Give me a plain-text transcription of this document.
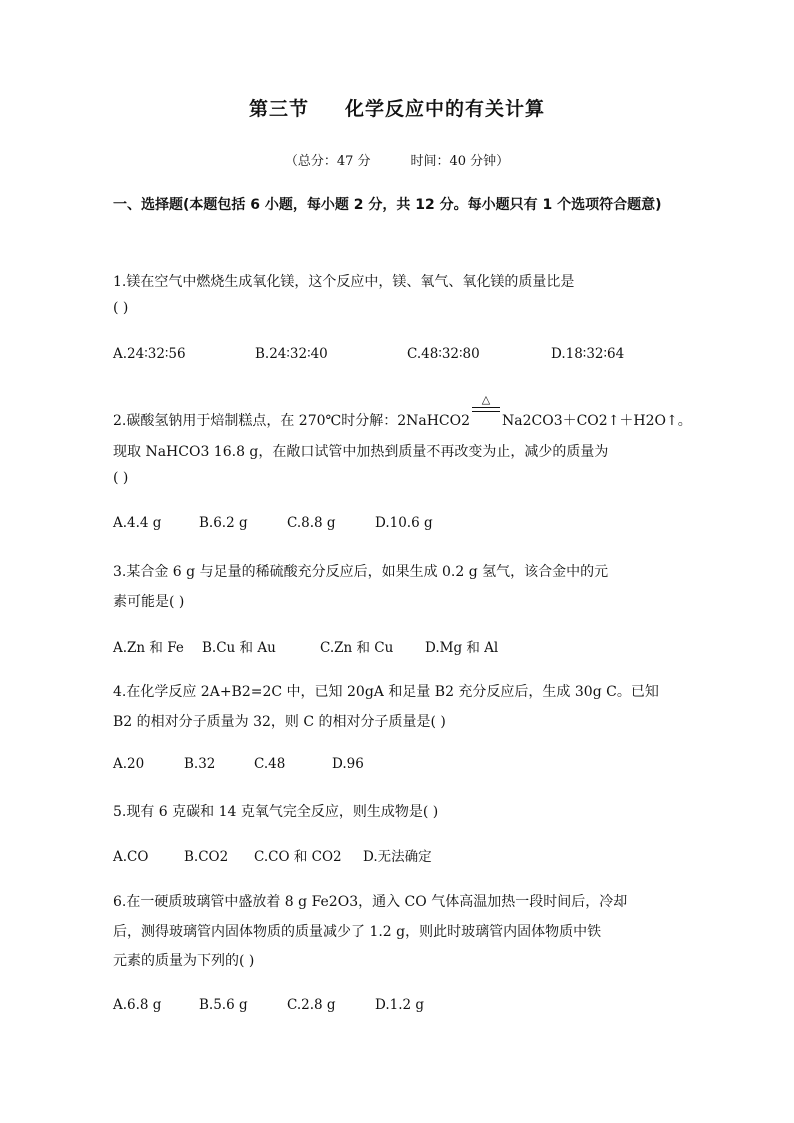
第三节 化学反应中的有关计算
（总分：47 分	时间：40 分钟）
一、选择题(本题包括 6 小题，每小题 2 分，共 12 分。每小题只有 1 个选项符合题意)
1.镁在空气中燃烧生成氧化镁，这个反应中，镁、氧气、氧化镁的质量比是
( )
A.24∶32∶56	B.24∶32∶40	C.48∶32∶80	D.18∶32∶64
2.碳酸氢钠用于焙制糕点，在 270℃时分解：2NaHCO2
△
Na2CO3＋CO2↑＋H2O↑。
现取 NaHCO3 16.8 g，在敞口试管中加热到质量不再改变为止，减少的质量为
( )
A.4.4 g	B.6.2 g	C.8.8 g	D.10.6 g
3.某合金 6 g 与足量的稀硫酸充分反应后，如果生成 0.2 g 氢气，该合金中的元
素可能是( )
A.Zn 和 Fe B.Cu 和 Au	C.Zn 和 Cu D.Mg 和 Al
4.在化学反应 2A+B2=2C 中，已知 20gA 和足量 B2 充分反应后，生成 30g C。已知
B2 的相对分子质量为 32，则 C 的相对分子质量是( )
A.20	B.32	C.48	D.96
5.现有 6 克碳和 14 克氧气完全反应，则生成物是( )
A.CO	B.CO2 C.CO 和 CO2 D.无法确定
6.在一硬质玻璃管中盛放着 8 g Fe2O3，通入 CO 气体高温加热一段时间后，冷却
后，测得玻璃管内固体物质的质量减少了 1.2 g，则此时玻璃管内固体物质中铁
元素的质量为下列的( )
A.6.8 g	B.5.6 g	C.2.8 g	D.1.2 g
